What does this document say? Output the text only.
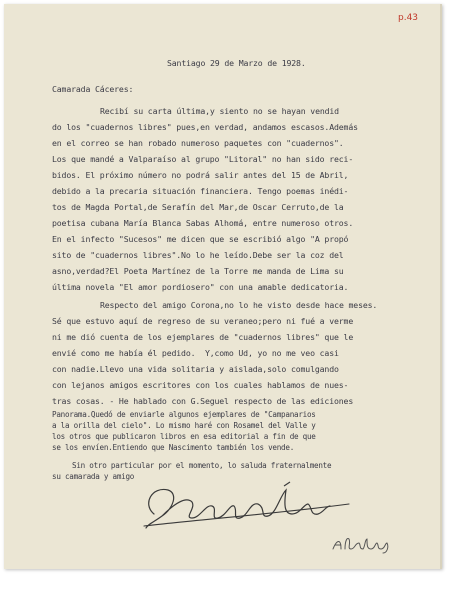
p.43

Santiago 29 de Marzo de 1928.

Camarada Cáceres:

Recibí su carta última,y siento no se hayan vendid

do los "cuadernos libres" pues,en verdad, andamos escasos.Además

en el correo se han robado numeroso paquetes con "cuadernos".

Los que mandé a Valparaíso al grupo "Litoral" no han sido reci-

bidos. El próximo número no podrá salir antes del 15 de Abril,

debido a la precaria situación financiera. Tengo poemas inédi-

tos de Magda Portal,de Serafín del Mar,de Oscar Cerruto,de la

poetisa cubana María Blanca Sabas Alhomá, entre numeroso otros.

En el infecto "Sucesos" me dicen que se escribió algo "A propó

sito de "cuadernos libres".No lo he leído.Debe ser la coz del

asno,verdad?El Poeta Martínez de la Torre me manda de Lima su

última novela "El amor pordiosero" con una amable dedicatoria.

Respecto del amigo Corona,no lo he visto desde hace meses.

Sé que estuvo aquí de regreso de su veraneo;pero ni fué a verme

ni me dió cuenta de los ejemplares de "cuadernos libres" que le

envié como me había él pedido.  Y,como Ud, yo no me veo casi

con nadie.Llevo una vida solitaria y aislada,solo comulgando

con lejanos amigos escritores con los cuales hablamos de nues-

tras cosas. - He hablado con G.Seguel respecto de las ediciones

Panorama.Quedó de enviarle algunos ejemplares de "Campanarios

a la orilla del cielo". Lo mismo haré con Rosamel del Valle y

los otros que publicaron libros en esa editorial a fin de que

se los envíen.Entiendo que Nascimento también los vende.

Sin otro particular por el momento, lo saluda fraternalmente

su camarada y amigo
